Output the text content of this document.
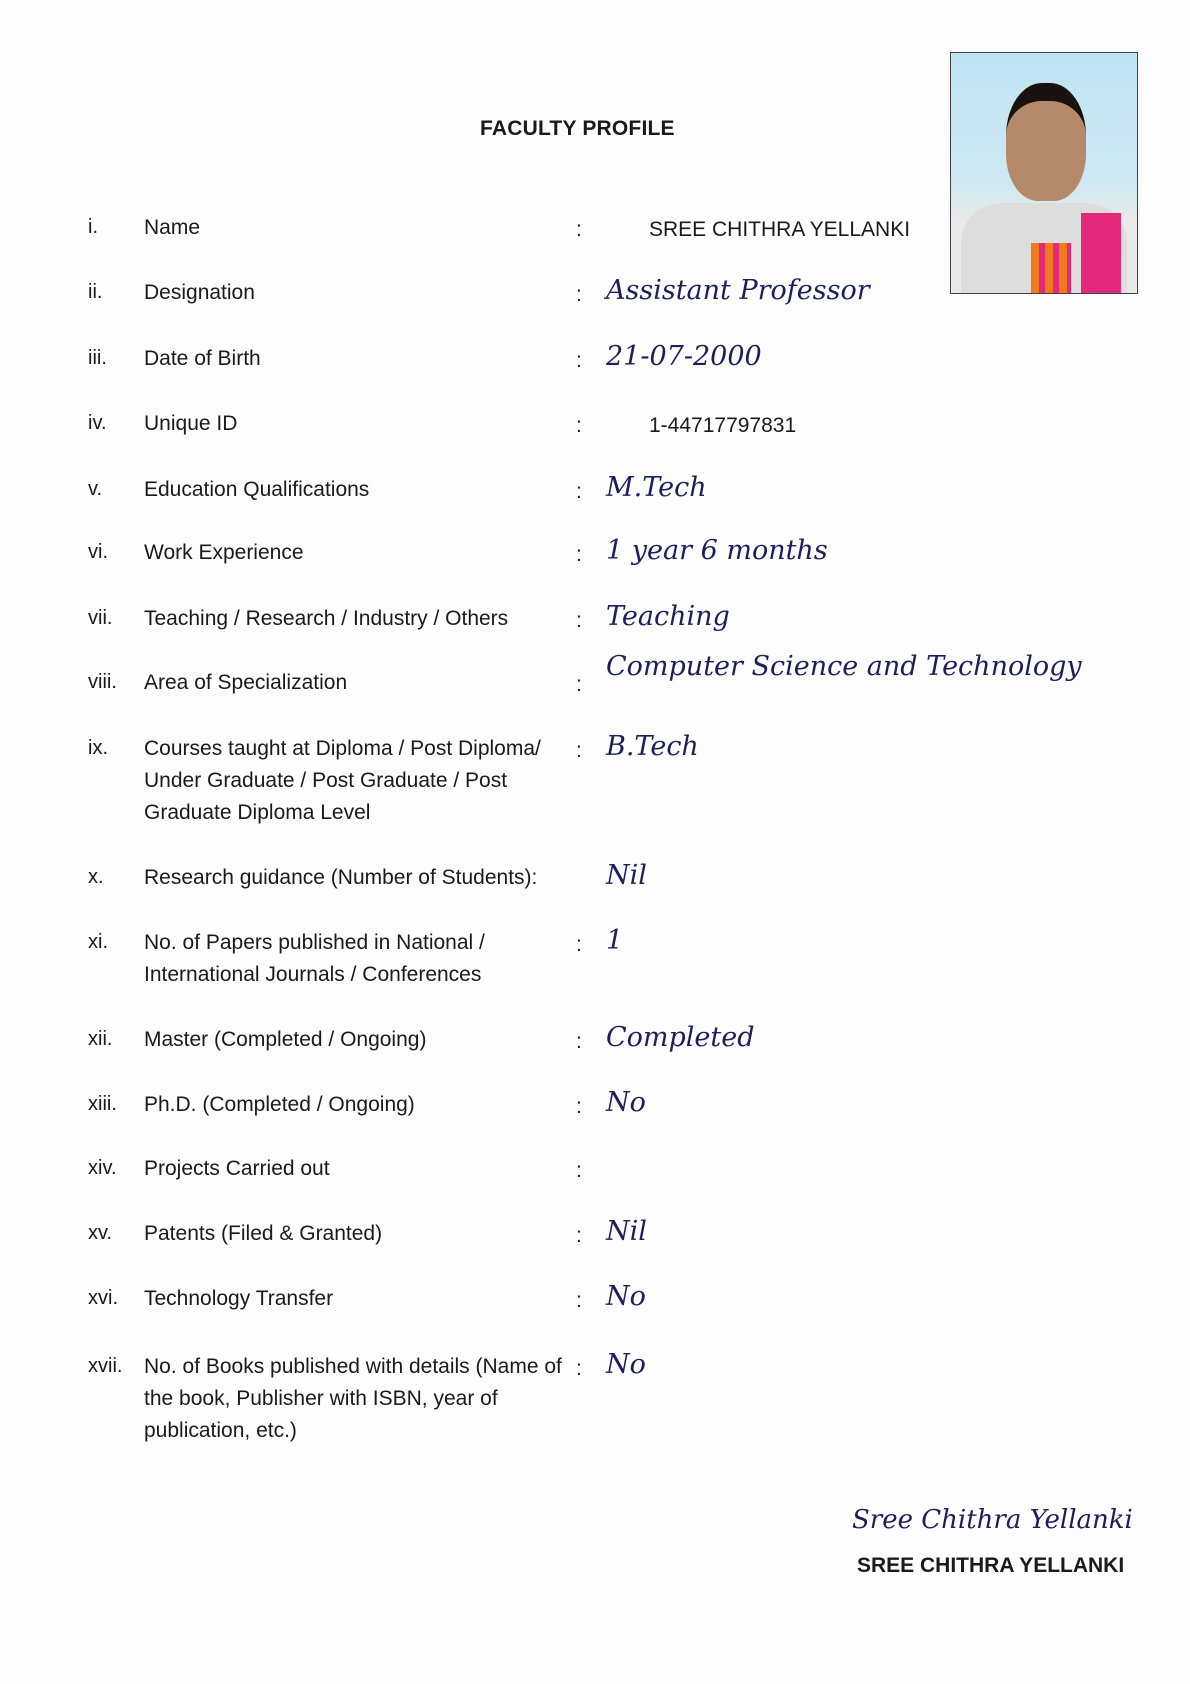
FACULTY PROFILE
i. Name	:	SREE CHITHRA YELLANKI
ii. Designation	: Assistant Professor
iii. Date of Birth	: 21-07-2000
iv. Unique ID	:	1-44717797831
v. Education Qualifications	: M.Tech
vi. Work Experience	: 1 year 6 months
vii. Teaching / Research / Industry / Others	: Teaching
viii. Area of Specialization	:
Computer Science and Technology
ix. Courses taught at Diploma / Post Diploma/ Under Graduate / Post Graduate / Post Graduate Diploma Level
: B.Tech
x. Research guidance (Number of Students):	Nil
xi. No. of Papers published in National / International Journals / Conferences
: 1
xii. Master (Completed / Ongoing)	: Completed
xiii. Ph.D. (Completed / Ongoing)	: No
xiv. Projects Carried out	:
xv. Patents (Filed & Granted)	: Nil
xvi. Technology Transfer	: No
xvii. No. of Books published with details (Name of the book, Publisher with ISBN, year of publication, etc.)
: No
Sree Chithra Yellanki
SREE CHITHRA YELLANKI
